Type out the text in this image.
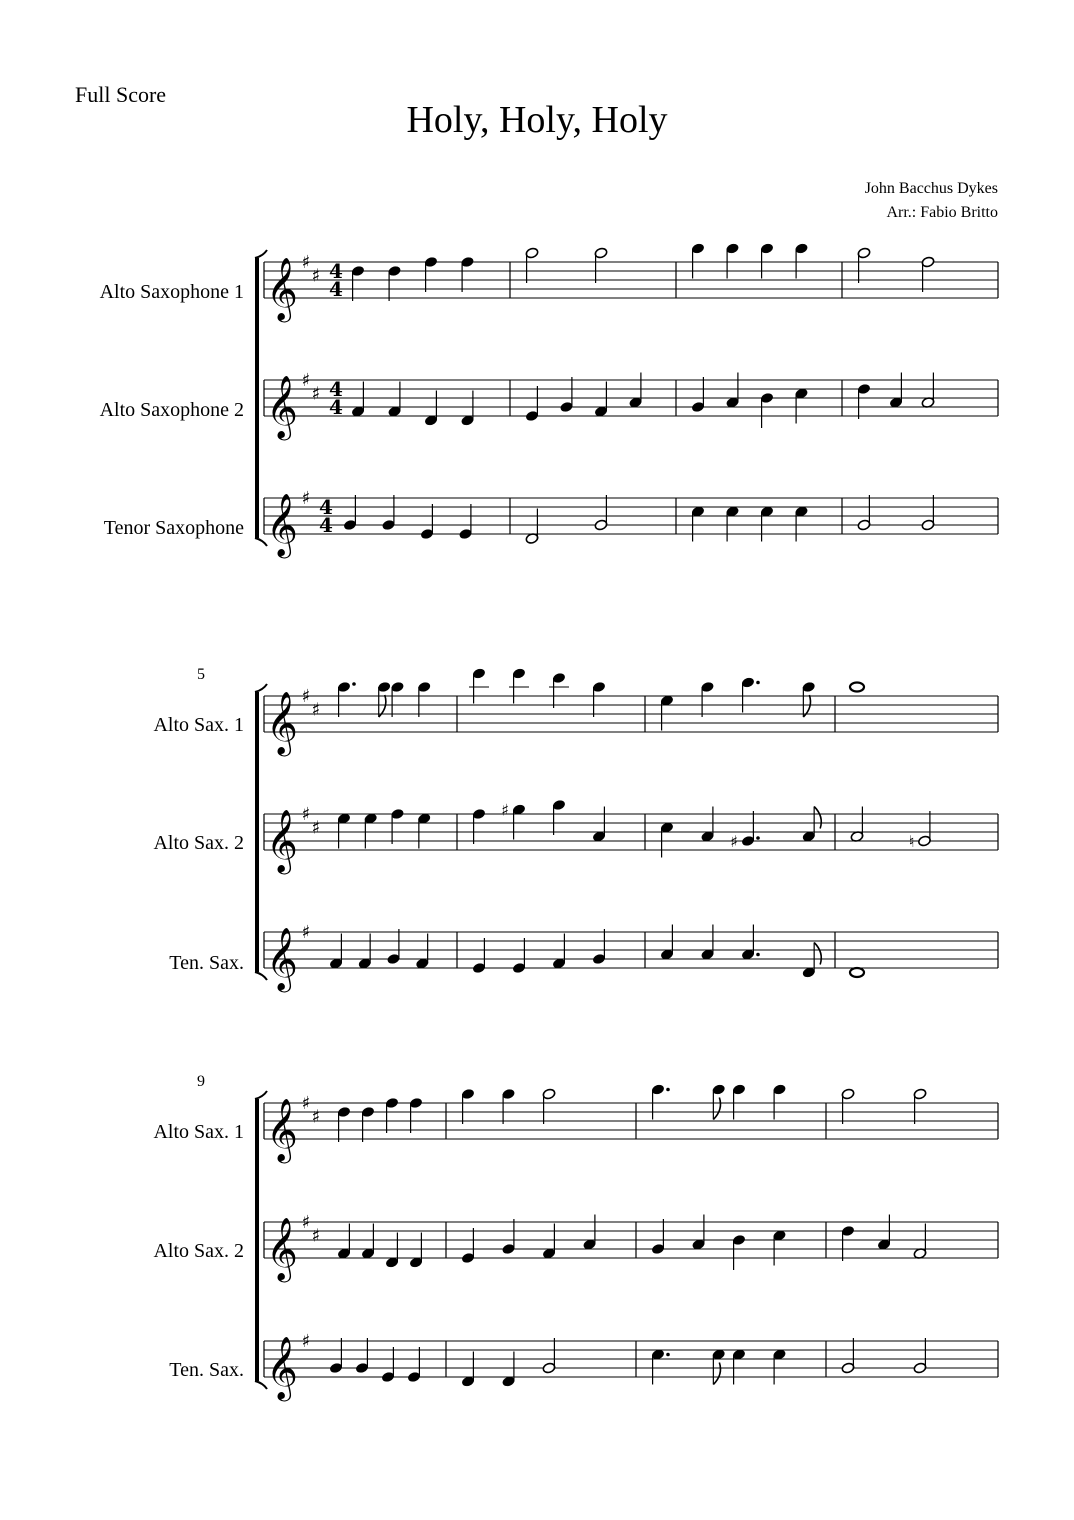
Full Score
Holy, Holy, Holy
John Bacchus Dykes
Arr.: Fabio Britto
Alto Saxophone 1
Alto Saxophone 2
Tenor Saxophone
5
Alto Sax. 1
Alto Sax. 2
Ten. Sax.
9
Alto Sax. 1
Alto Sax. 2
Ten. Sax.
𝄞 ♯
♯ 4
4
𝄞 ♯
♯ 4
4
𝄞 ♯ 4
4
𝄞 ♯
♯
𝄞 ♯
♯
𝄞 ♯
𝄞 ♯
♯
𝄞 ♯
♯
𝄞 ♯
♯
♯	♮
